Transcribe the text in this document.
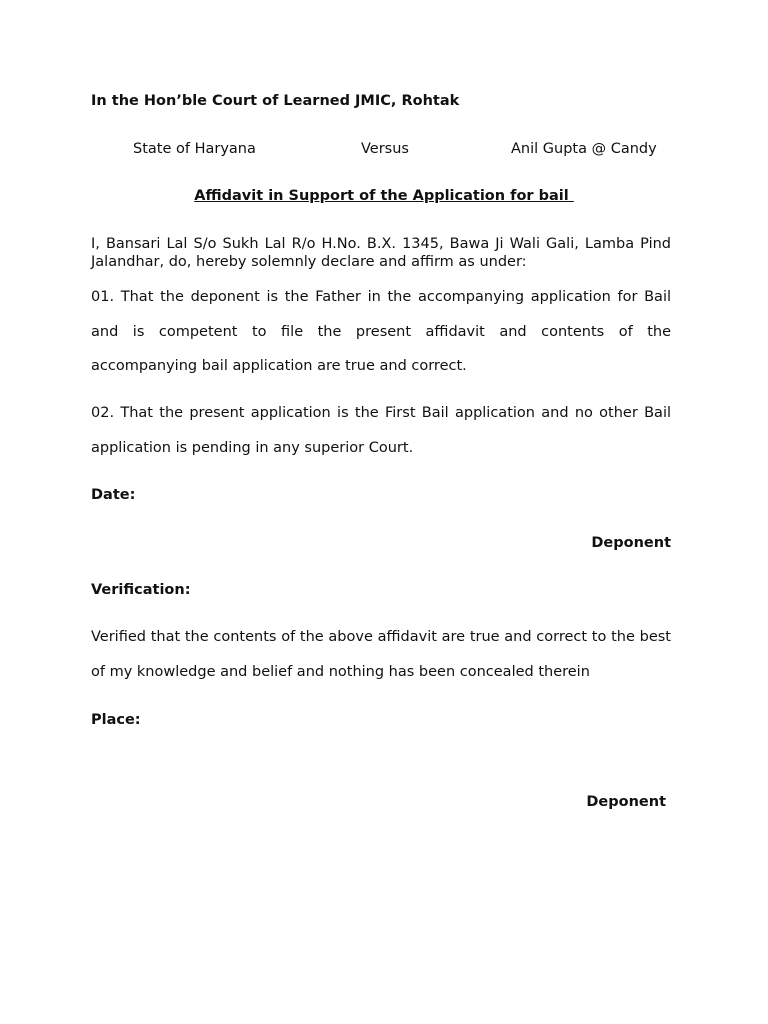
In the Hon’ble Court of Learned JMIC, Rohtak
State of Haryana	Versus	Anil Gupta @ Candy
Affidavit in Support of the Application for bail
I, Bansari Lal S/o Sukh Lal R/o H.No. B.X. 1345, Bawa Ji Wali Gali, Lamba Pind Jalandhar, do, hereby solemnly declare and affirm as under:
01. That the deponent is the Father in the accompanying application for Bail and is competent to file the present affidavit and contents of the accompanying bail application are true and correct.
02. That the present application is the First Bail application and no other Bail application is pending in any superior Court.
Date:
Deponent
Verification:
Verified that the contents of the above affidavit are true and correct to the best of my knowledge and belief and nothing has been concealed therein
Place:
Deponent
